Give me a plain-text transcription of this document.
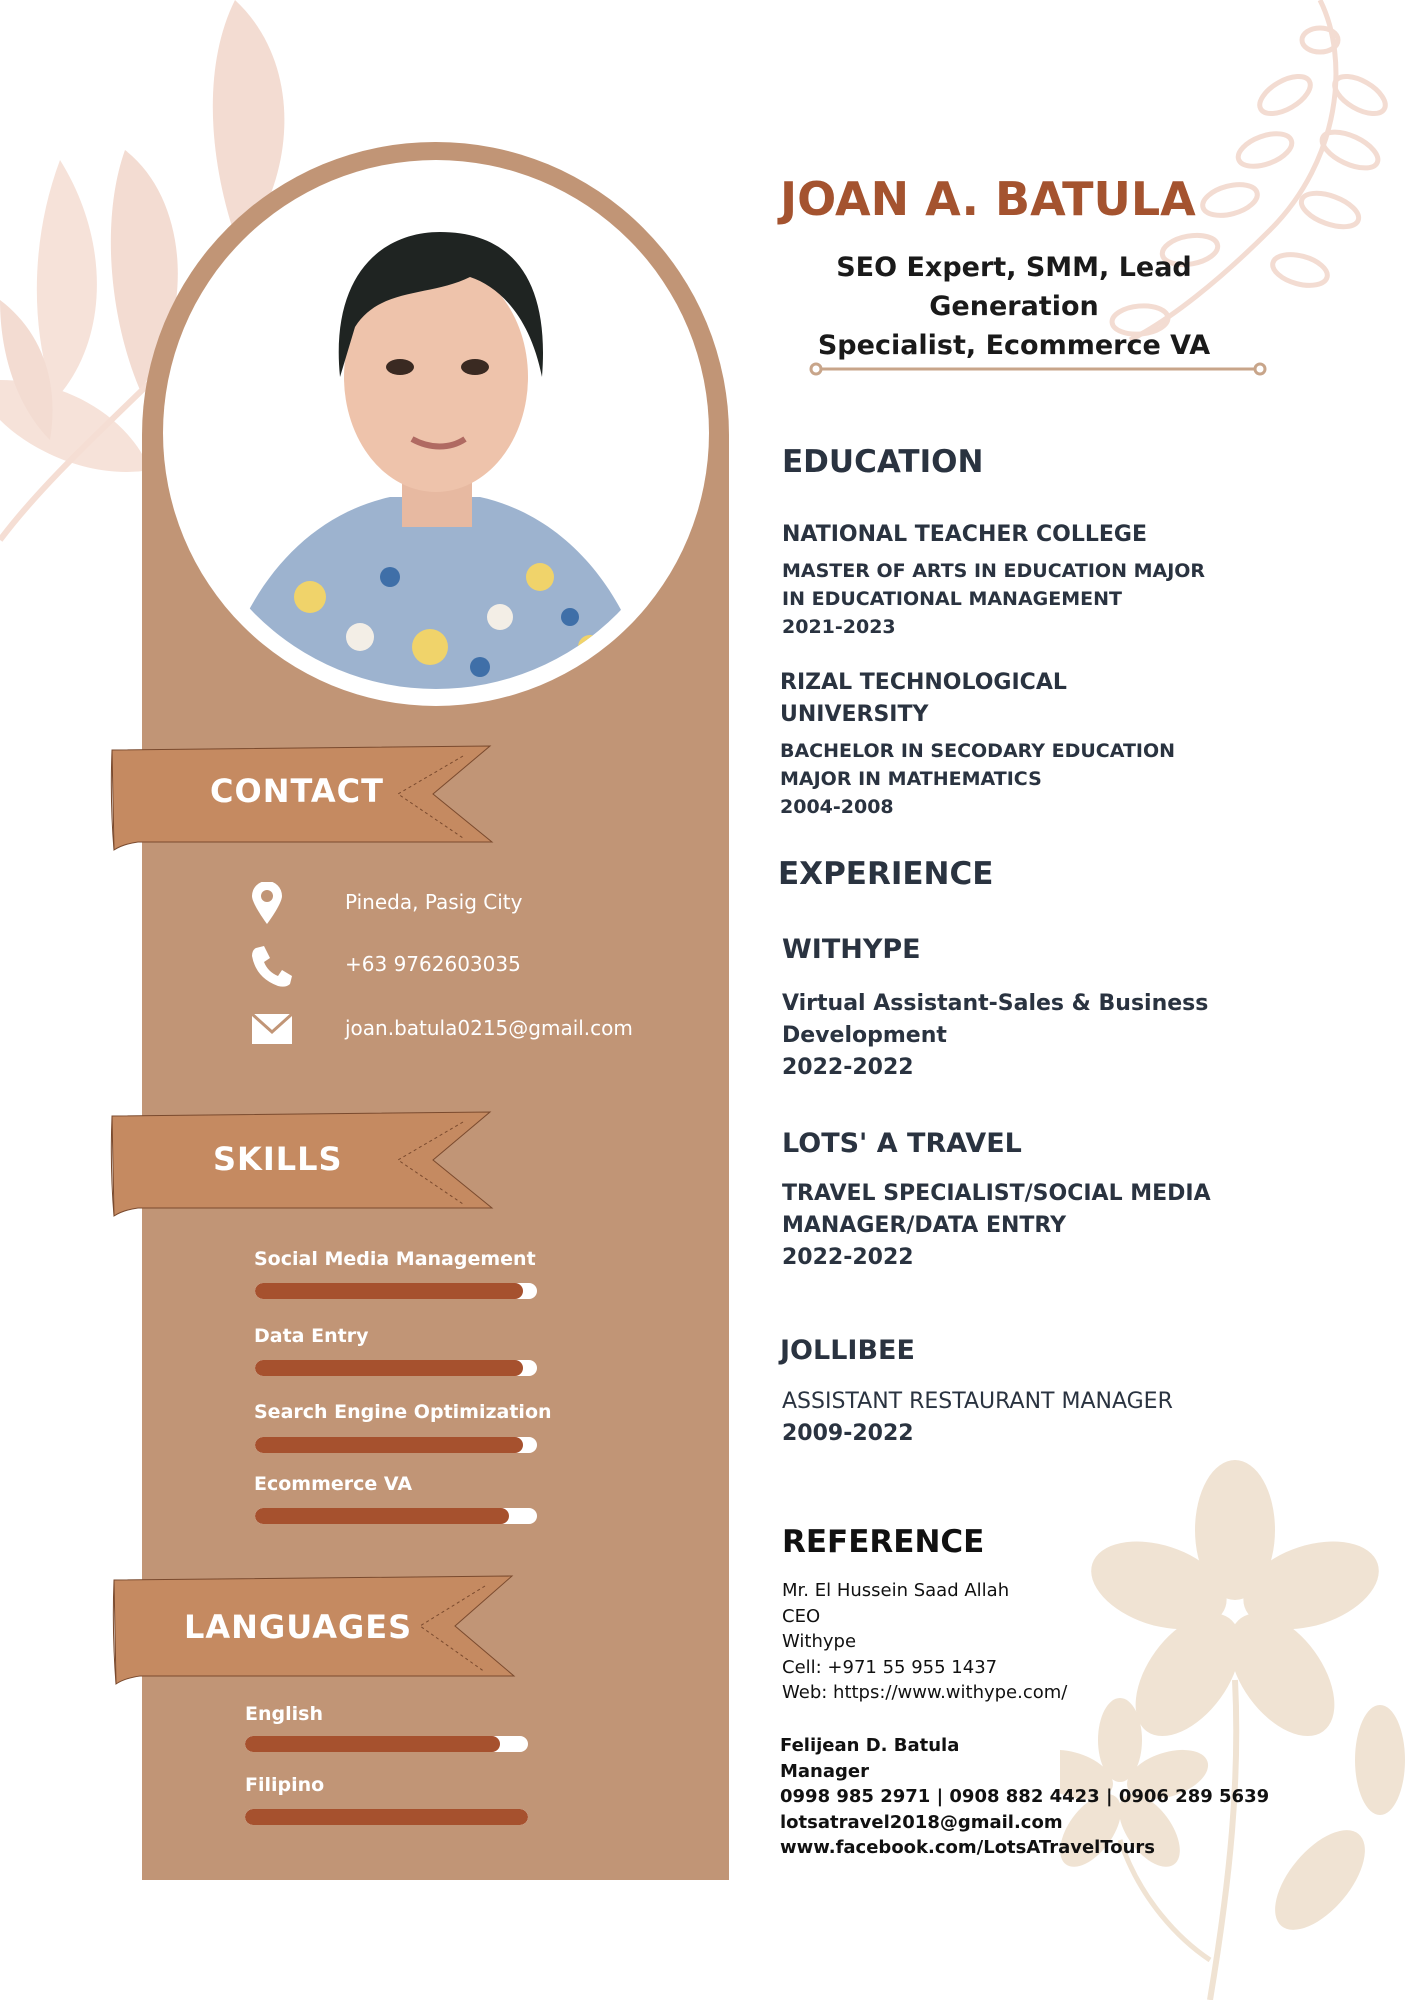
CONTACT
Pineda, Pasig City
+63 9762603035
joan.batula0215@gmail.com
SKILLS
Social Media Management
Data Entry
Search Engine Optimization
Ecommerce VA
LANGUAGES
English
Filipino
JOAN A. BATULA
SEO Expert, SMM, Lead Generation
Specialist, Ecommerce VA
EDUCATION
NATIONAL TEACHER COLLEGE
MASTER OF ARTS IN EDUCATION MAJOR
IN EDUCATIONAL MANAGEMENT
2021-2023
RIZAL TECHNOLOGICAL
UNIVERSITY
BACHELOR IN SECODARY EDUCATION
MAJOR IN MATHEMATICS
2004-2008
EXPERIENCE
WITHYPE
Virtual Assistant-Sales & Business
Development
2022-2022
LOTS' A TRAVEL
TRAVEL SPECIALIST/SOCIAL MEDIA
MANAGER/DATA ENTRY
2022-2022
JOLLIBEE
ASSISTANT RESTAURANT MANAGER
2009-2022
REFERENCE
Mr. El Hussein Saad Allah
CEO
Withype
Cell: +971 55 955 1437
Web: https://www.withype.com/
Felijean D. Batula
Manager
0998 985 2971 | 0908 882 4423 | 0906 289 5639
lotsatravel2018@gmail.com
www.facebook.com/LotsATravelTours
